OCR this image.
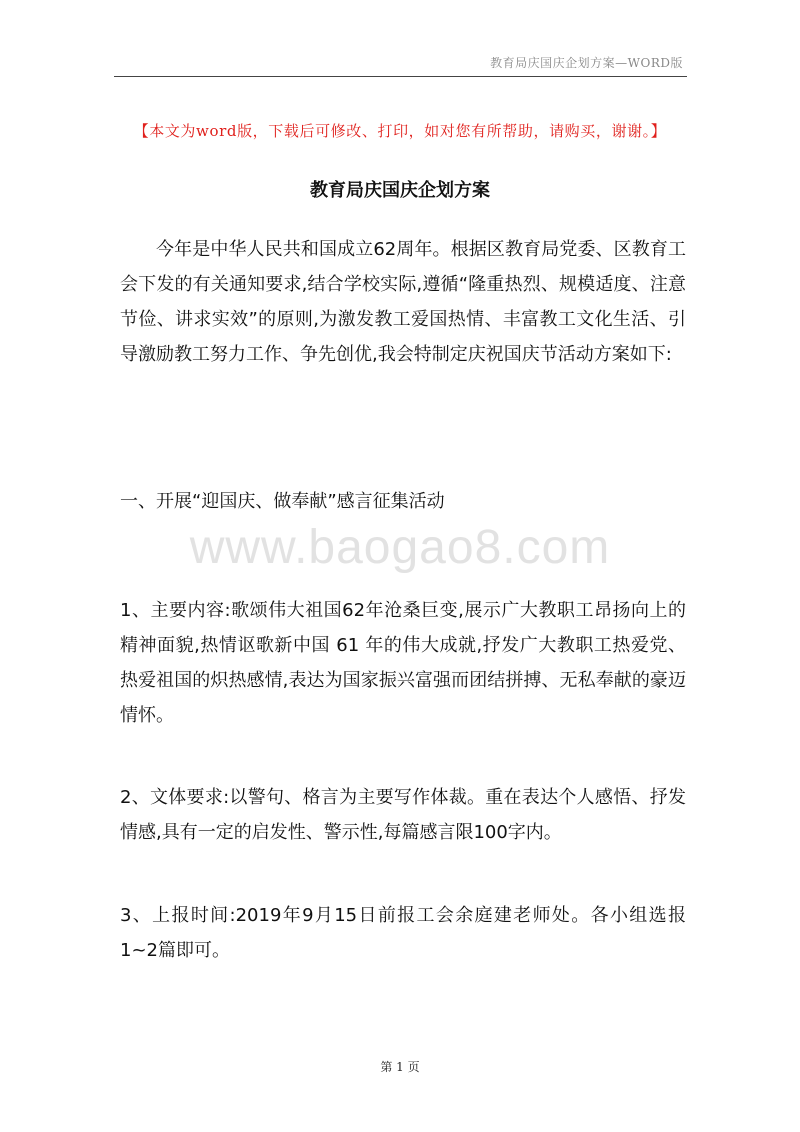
教育局庆国庆企划方案—WORD版
【本文为word版，下载后可修改、打印，如对您有所帮助，请购买，谢谢。】
教育局庆国庆企划方案

今年是中华人民共和国成立62周年。根据区教育局党委、区教育工会下发的有关通知要求,结合学校实际,遵循“隆重热烈、规模适度、注意节俭、讲求实效”的原则,为激发教工爱国热情、丰富教工文化生活、引导激励教工努力工作、争先创优,我会特制定庆祝国庆节活动方案如下:

一、开展“迎国庆、做奉献”感言征集活动

www.baogao8.com

1、主要内容:歌颂伟大祖国62年沧桑巨变,展示广大教职工昂扬向上的精神面貌,热情讴歌新中国 61 年的伟大成就,抒发广大教职工热爱党、热爱祖国的炽热感情,表达为国家振兴富强而团结拼搏、无私奉献的豪迈情怀。

2、文体要求:以警句、格言为主要写作体裁。重在表达个人感悟、抒发情感,具有一定的启发性、警示性,每篇感言限100字内。

3、上报时间:2019年9月15日前报工会余庭建老师处。各小组选报1~2篇即可。

第 1 页
